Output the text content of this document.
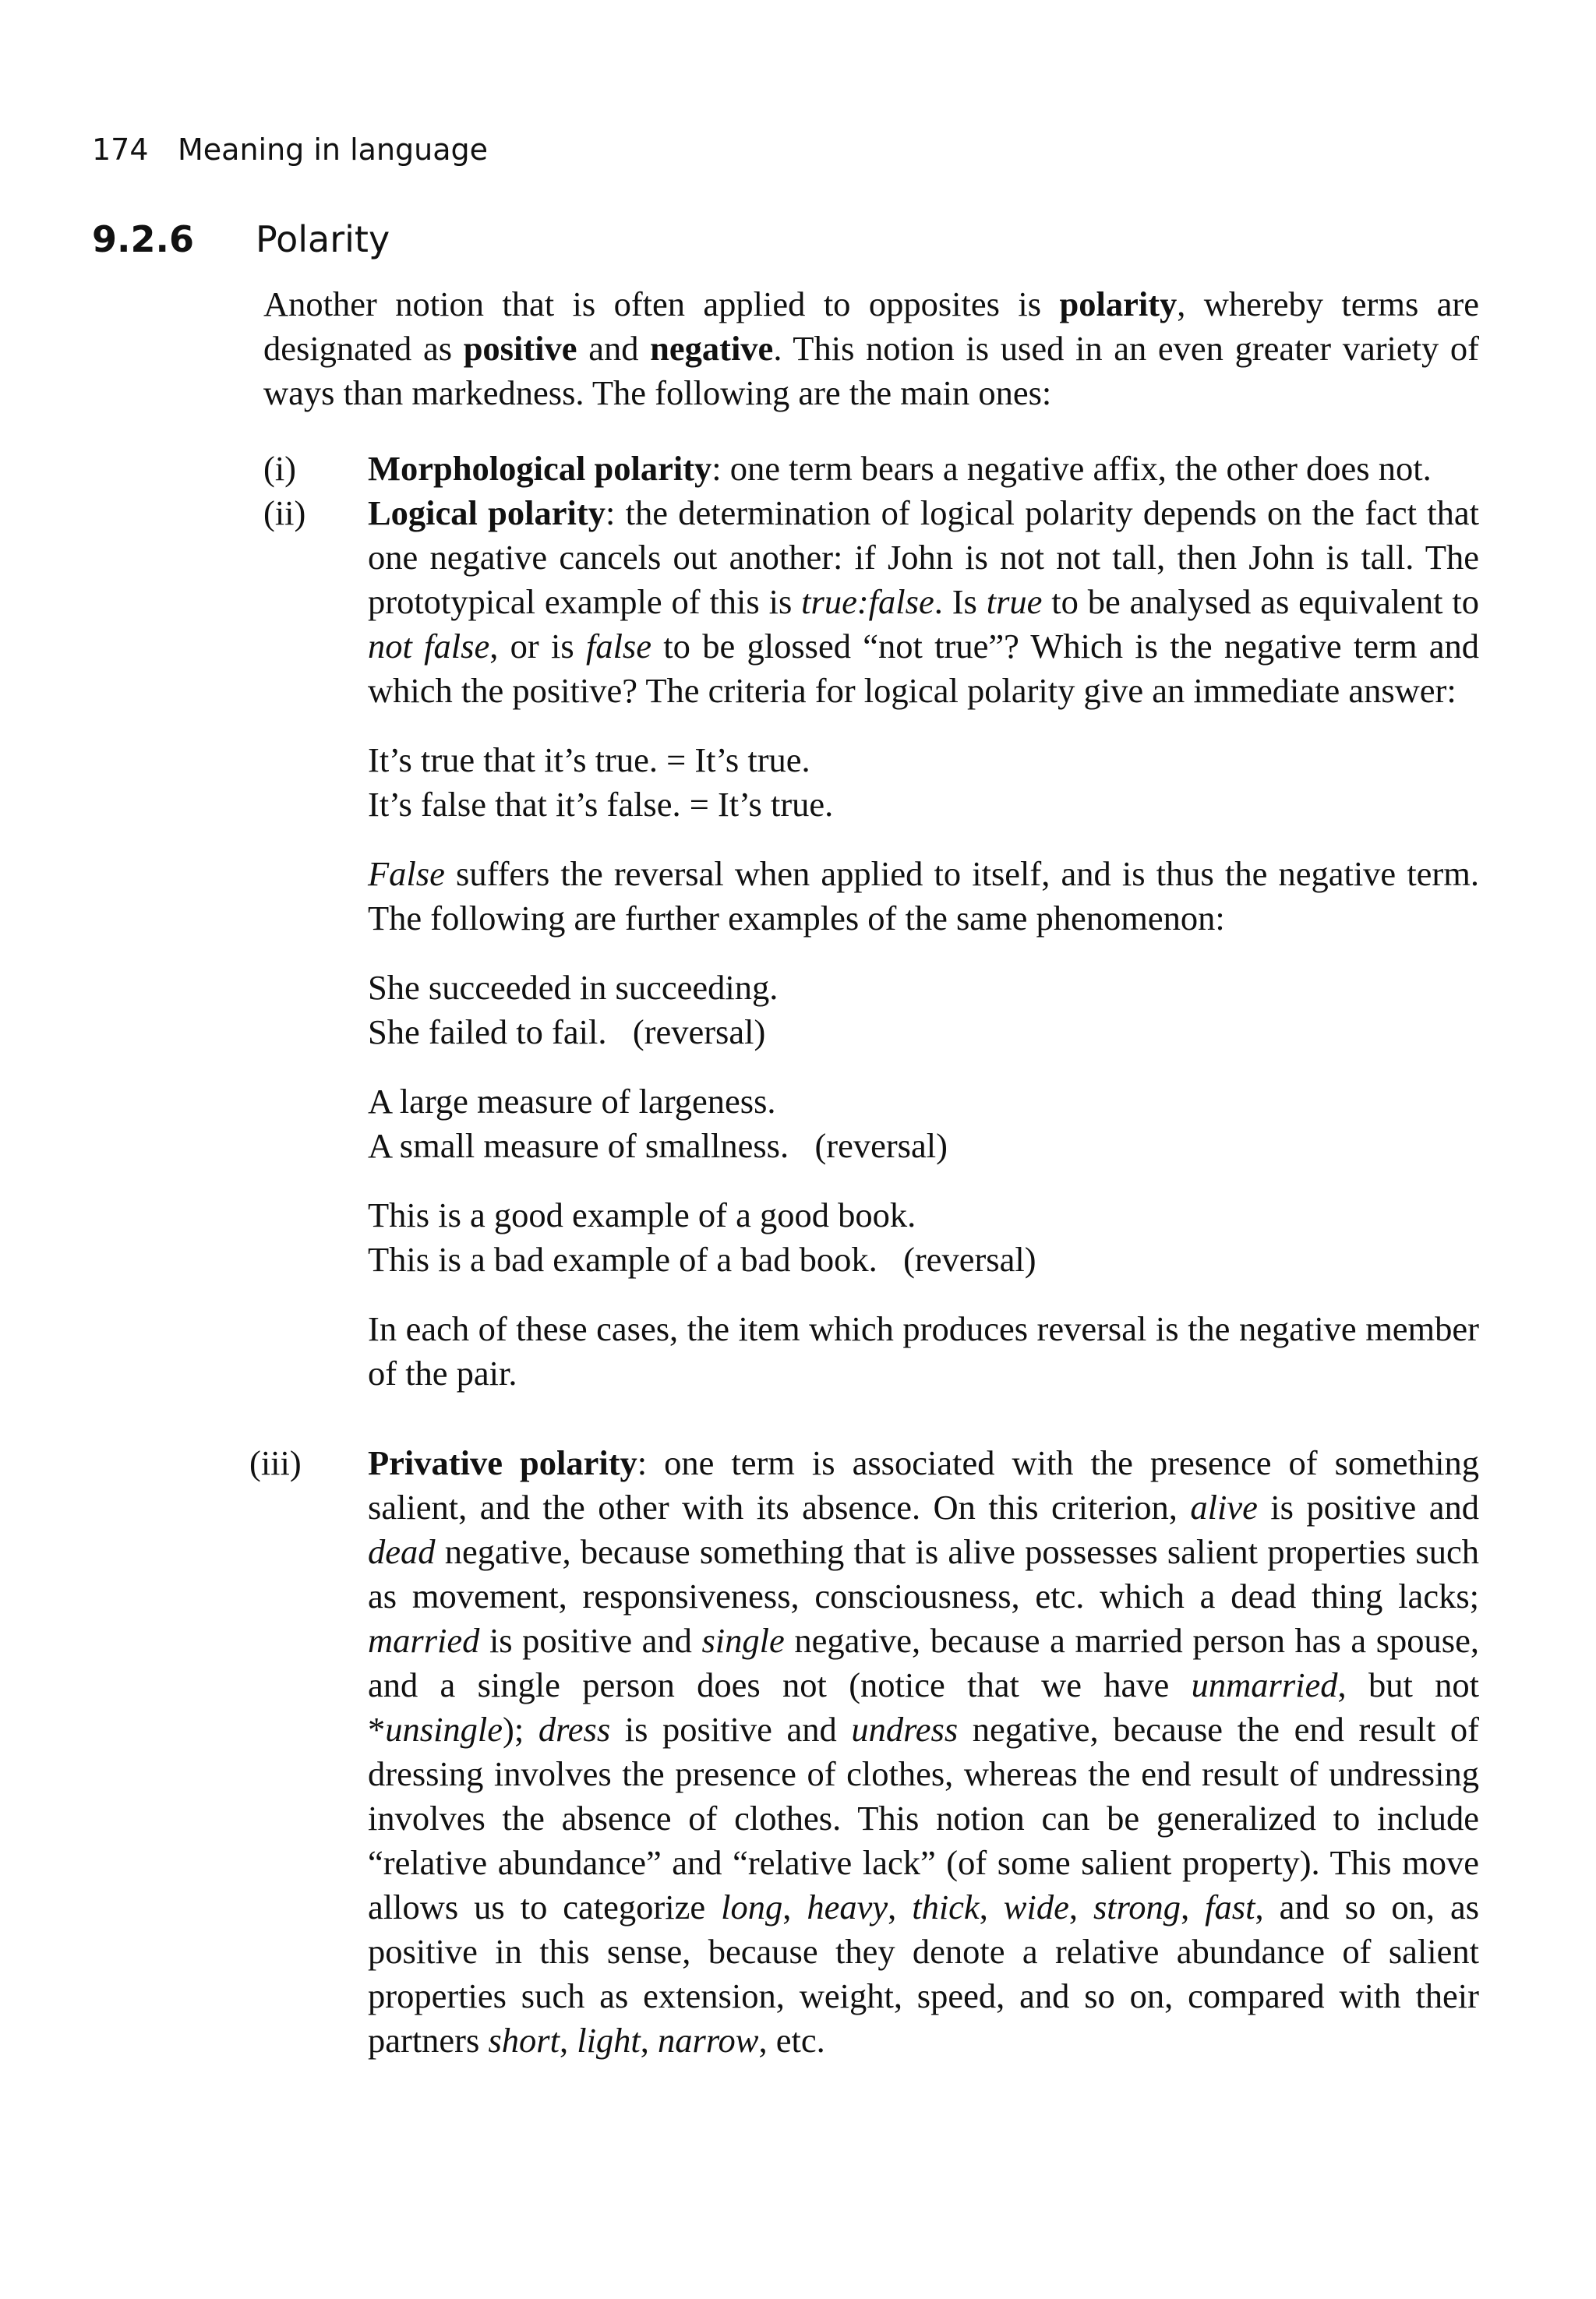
174 Meaning in language
9.2.6 Polarity

Another notion that is often applied to opposites is polarity, whereby terms are designated as positive and negative. This notion is used in an even greater variety of ways than markedness. The following are the main ones:

(i)	Morphological polarity: one term bears a negative affix, the other does not.

(ii)	Logical polarity: the determination of logical polarity depends on the fact that one negative cancels out another: if John is not not tall, then John is tall. The prototypical example of this is true:false. Is true to be analysed as equivalent to not false, or is false to be glossed “not true”? Which is the negative term and which the positive? The criteria for logical polarity give an immediate answer:

It’s true that it’s true. = It’s true.
It’s false that it’s false. = It’s true.

False suffers the reversal when applied to itself, and is thus the negative term. The following are further examples of the same phenomenon:

She succeeded in succeeding.
She failed to fail.   (reversal)
A large measure of largeness.
A small measure of smallness.   (reversal)
This is a good example of a good book.
This is a bad example of a bad book.   (reversal)

In each of these cases, the item which produces reversal is the negative member of the pair.

(iii)	Privative polarity: one term is associated with the presence of something salient, and the other with its absence. On this criterion, alive is positive and dead negative, because something that is alive possesses salient properties such as movement, responsiveness, consciousness, etc. which a dead thing lacks; married is positive and single negative, because a married person has a spouse, and a single person does not (notice that we have unmarried, but not *unsingle); dress is positive and undress negative, because the end result of dressing involves the presence of clothes, whereas the end result of undressing involves the absence of clothes. This notion can be generalized to include “relative abundance” and “relative lack” (of some salient property). This move allows us to categorize long, heavy, thick, wide, strong, fast, and so on, as positive in this sense, because they denote a relative abundance of salient properties such as extension, weight, speed, and so on, compared with their partners short, light, narrow, etc.
